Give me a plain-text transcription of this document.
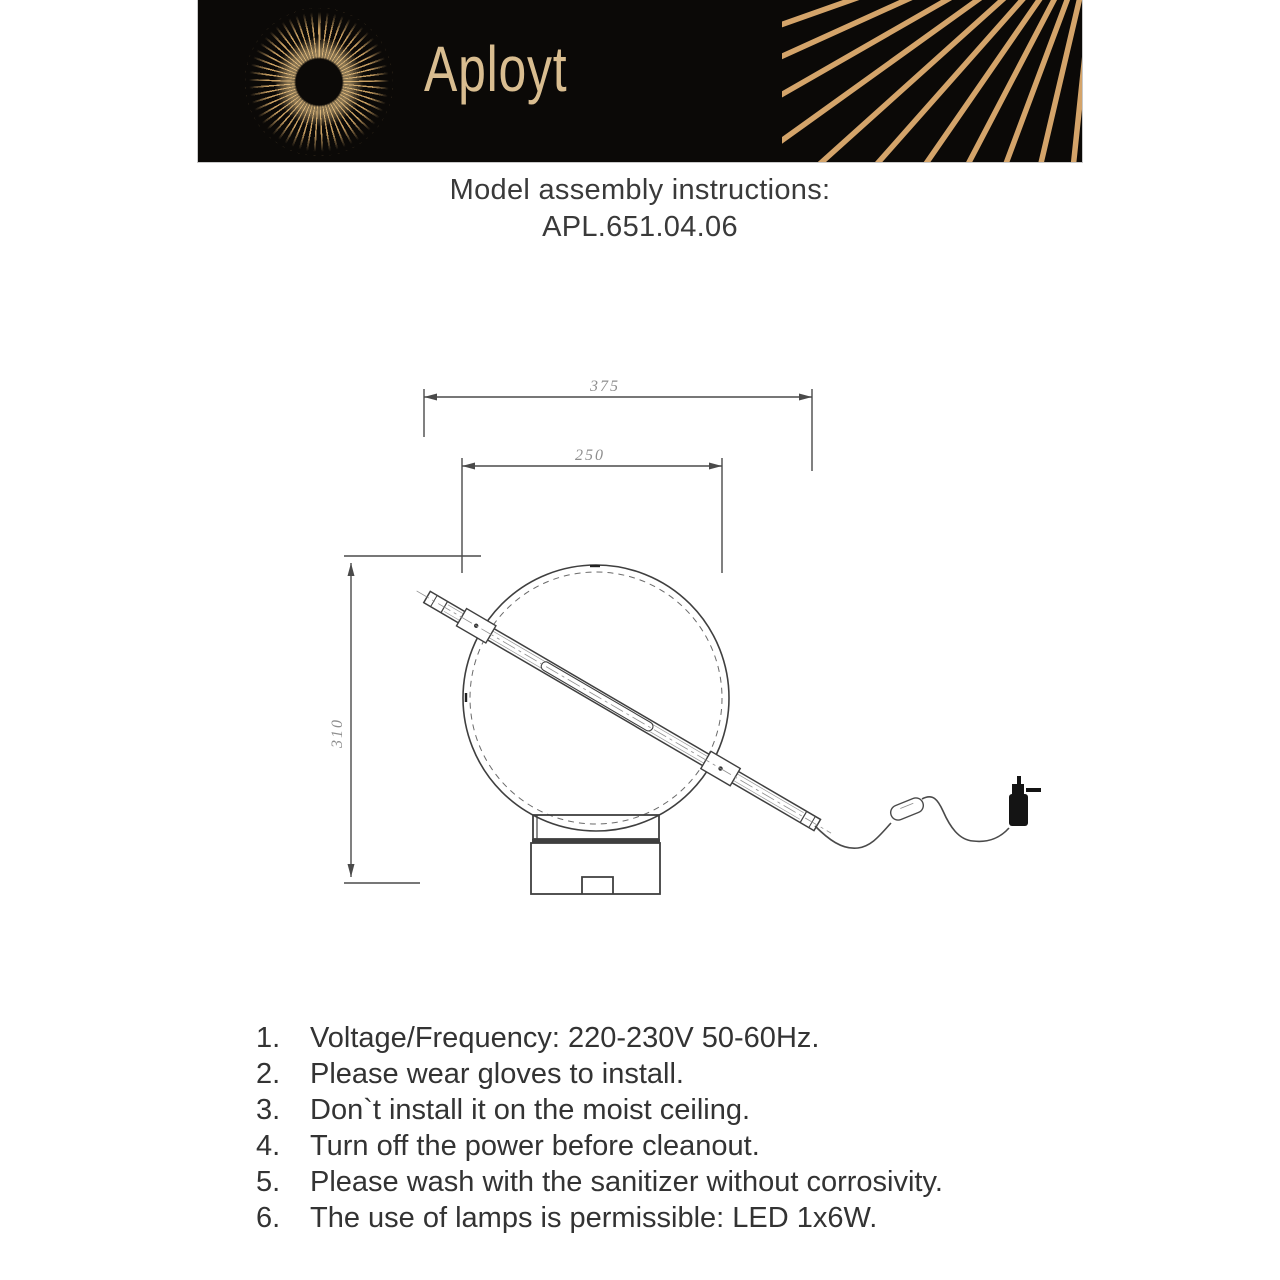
Aployt
Model assembly instructions:
APL.651.04.06
375
250
310
1.	Voltage/Frequency: 220-230V 50-60Hz.
2.	Please wear gloves to install.
3.	Don`t install it on the moist ceiling.
4.	Turn off the power before cleanout.
5.	Please wash with the sanitizer without corrosivity.
6.	The use of lamps is permissible: LED 1x6W.
